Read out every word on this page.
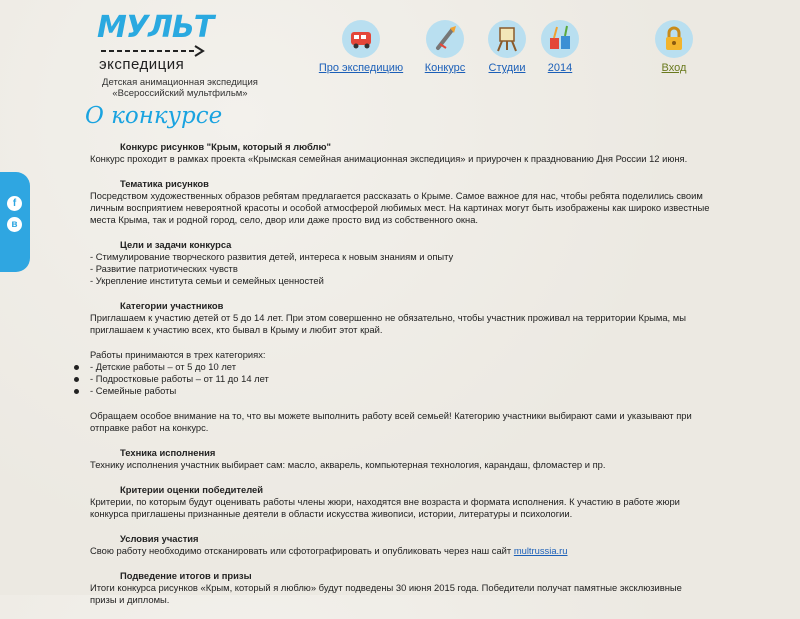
МУЛЬТ
экспедиция
Детская анимационная экспедиция «Всероссийский мультфильм»
Про экспедицию	Конкурс	Студии	2014	Вход
О конкурсе
f
в
Конкурс рисунков "Крым, который я люблю"

Конкурс проходит в рамках проекта «Крымская семейная анимационная экспедиция» и приурочен к празднованию Дня России 12 июня.

Тематика рисунков

Посредством художественных образов ребятам предлагается рассказать о Крыме. Самое важное для нас, чтобы ребята поделились своим личным восприятием невероятной красоты и особой атмосферой любимых мест. На картинах могут быть изображены как широко известные места Крыма, так и родной город, село, двор или даже просто вид из собственного окна.

Цели и задачи конкурса
- Стимулирование творческого развития детей, интереса к новым знаниям и опыту
- Развитие патриотических чувств
- Укрепление института семьи и семейных ценностей
Категории участников

Приглашаем к участию детей от 5 до 14 лет. При этом совершенно не обязательно, чтобы участник проживал на территории Крыма, мы приглашаем к участию всех, кто бывал в Крыму и любит этот край.

Работы принимаются в трех категориях:

- Детские работы – от 5 до 10 лет
- Подростковые работы – от 11 до 14 лет
- Семейные работы

Обращаем особое внимание на то, что вы можете выполнить работу всей семьей! Категорию участники выбирают сами и указывают при отправке работ на конкурс.

Техника исполнения

Технику исполнения участник выбирает сам: масло, акварель, компьютерная технология, карандаш, фломастер и пр.

Критерии оценки победителей

Критерии, по которым будут оценивать работы члены жюри, находятся вне возраста и формата исполнения. К участию в работе жюри конкурса приглашены признанные деятели в области искусства живописи, истории, литературы и психологии.

Условия участия

Свою работу необходимо отсканировать или сфотографировать и опубликовать через наш сайт multrussia.ru

Подведение итогов и призы

Итоги конкурса рисунков «Крым, который я люблю» будут подведены 30 июня 2015 года. Победители получат памятные эксклюзивные призы и дипломы.
